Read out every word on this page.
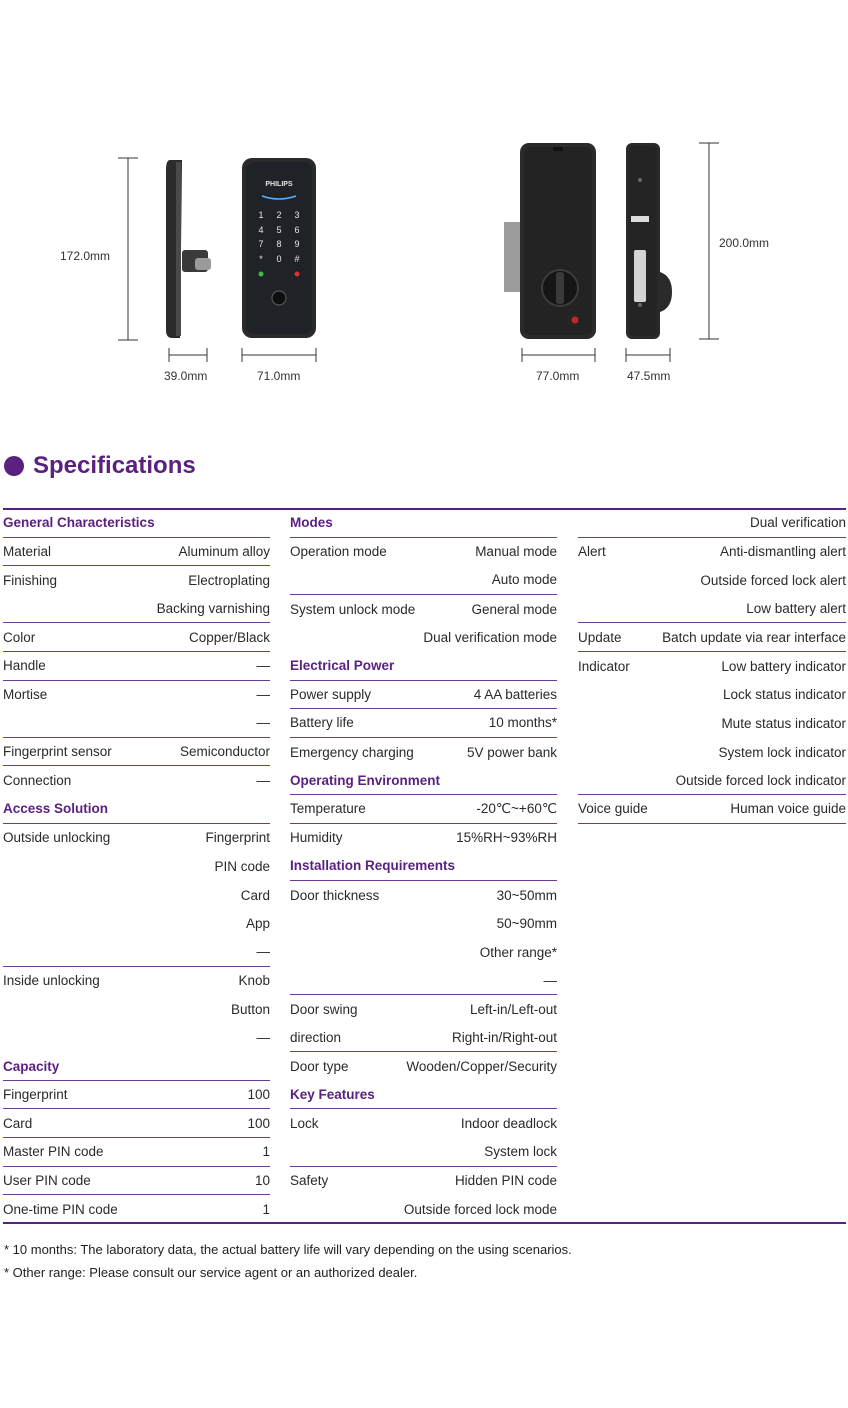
172.0mm
PHILIPS
1 2 3
4 5 6
7 8 9
* 0 #
39.0mm	71.0mm
200.0mm
77.0mm	47.5mm
Specifications
General Characteristics
Material	Aluminum alloy
Finishing	Electroplating
Backing varnishing
Color	Copper/Black
Handle	—
Mortise	—
—
Fingerprint sensor	Semiconductor
Connection	—
Access Solution
Outside unlocking	Fingerprint
PIN code
Card
App
—
Inside unlocking	Knob
Button
—
Capacity
Fingerprint	100
Card	100
Master PIN code	1
User PIN code	10
One-time PIN code	1
Modes
Operation mode	Manual mode
Auto mode
System unlock mode	General mode
Dual verification mode
Electrical Power
Power supply	4 AA batteries
Battery life	10 months*
Emergency charging	5V power bank
Operating Environment
Temperature	-20℃~+60℃
Humidity	15%RH~93%RH
Installation Requirements
Door thickness	30~50mm
50~90mm
Other range*
—
Door swing	Left-in/Left-out
direction	Right-in/Right-out
Door type	Wooden/Copper/Security
Key Features
Lock	Indoor deadlock
System lock
Safety	Hidden PIN code
Outside forced lock mode
Dual verification
Alert	Anti-dismantling alert
Outside forced lock alert
Low battery alert
Update	Batch update via rear interface
Indicator	Low battery indicator
Lock status indicator
Mute status indicator
System lock indicator
Outside forced lock indicator
Voice guide	Human voice guide
* 10 months: The laboratory data, the actual battery life will vary depending on the using scenarios.
* Other range: Please consult our service agent or an authorized dealer.
